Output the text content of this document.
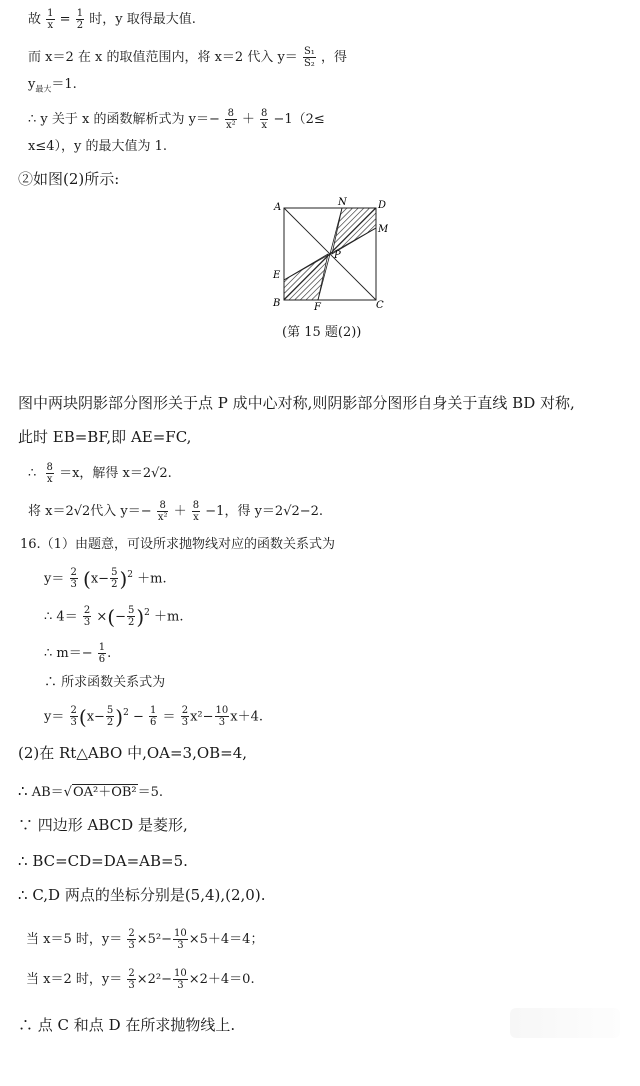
故 $\frac{1}{x} = \frac{1}{2}$ 时，y 取得最大值.
而 x＝2 在 x 的取值范围内，将 x＝2 代入 $y= \frac{\text{S₁}}{\text{S₂}}$ ，得
$y_{最大}=1$.
∴ y 关于 x 的函数解析式为 $y=- \frac{8}{\text{x²}} + \frac{8}{x} -1(2\le$
x≤4），y 的最大值为 1.
②如图(2)所示:
A	N	D
M
P
E
B	F	C
(第 15 题(2))
图中两块阴影部分图形关于点 P 成中心对称,则阴影部分图形自身关于直线 BD 对称,
此时 EB=BF,即 AE=FC,
∴ $\frac{8}{x} =x$，解得 x＝2√2.
将 x＝2√2代入 $y=- \frac{8}{\text{x²}} + \frac{8}{x} -1$，得 y＝2√2−2.
16.（1）由题意，可设所求抛物线对应的函数关系式为
$y= \frac{2}{3} (x- \frac{5}{2} )^2 +m$.
∴ $4= \frac{2}{3}$ ×(− $\frac{5}{2} )^2 +m$.
∴ $m=- \frac{1}{6}$ .
∴ 所求函数关系式为
$y= \frac{2}{3} (x- \frac{5}{2} )^2 - \frac{1}{6} = \frac{2}{3} x^2- \frac{10}{3} x+4$.
(2)在 Rt△ABO 中,OA=3,OB=4,
∴ AB＝√OA²＋OB²＝5.
∵ 四边形 ABCD 是菱形,
∴ BC=CD=DA=AB=5.
∴ C,D 两点的坐标分别是(5,4),(2,0).
当 x＝5 时，$y= \frac{2}{3} \times 5^2- \frac{10}{3} \times 5+4=4$；
当 x＝2 时，$y= \frac{2}{3} \times 2^2- \frac{10}{3} \times 2+4=0$.
∴ 点 C 和点 D 在所求抛物线上.
